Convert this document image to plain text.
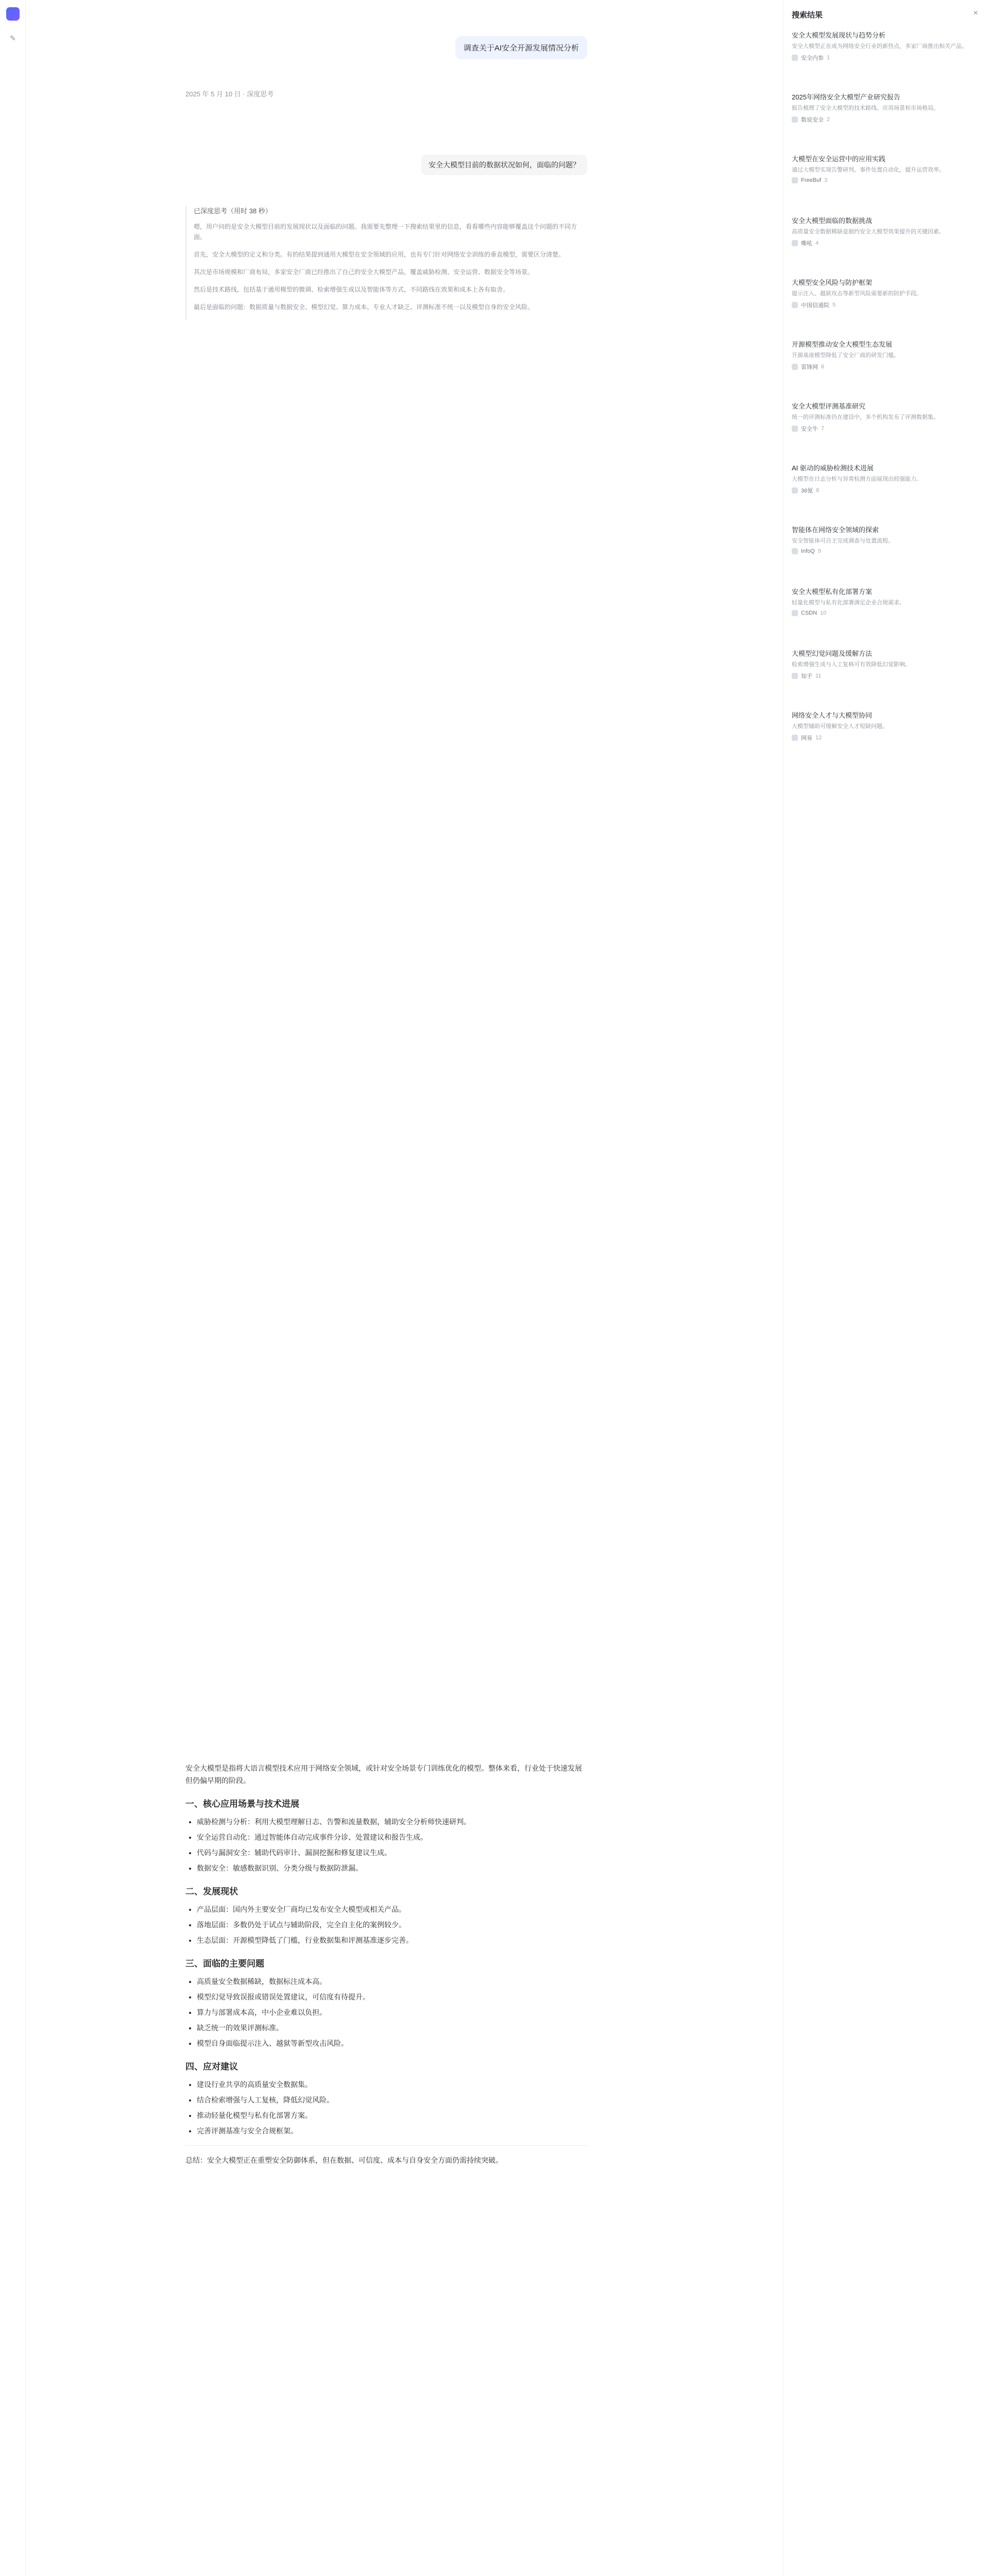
✎
调查关于AI安全开源发展情况分析
2025 年 5 月 10 日 · 深度思考
安全大模型目前的数据状况如何，面临的问题？
已深度思考（用时 38 秒）

嗯，用户问的是安全大模型目前的发展现状以及面临的问题。我需要先整理一下搜索结果里的信息，看看哪些内容能够覆盖这个问题的不同方面。

首先，安全大模型的定义和分类。有的结果提到通用大模型在安全领域的应用，也有专门针对网络安全训练的垂直模型，需要区分清楚。

其次是市场规模和厂商布局，多家安全厂商已经推出了自己的安全大模型产品，覆盖威胁检测、安全运营、数据安全等场景。

然后是技术路线，包括基于通用模型的微调、检索增强生成以及智能体等方式，不同路线在效果和成本上各有取舍。

最后是面临的问题：数据质量与数据安全、模型幻觉、算力成本、专业人才缺乏、评测标准不统一以及模型自身的安全风险。

安全大模型是指将大语言模型技术应用于网络安全领域，或针对安全场景专门训练优化的模型。整体来看，行业处于快速发展但仍偏早期的阶段。

一、核心应用场景与技术进展
• 威胁检测与分析：利用大模型理解日志、告警和流量数据，辅助安全分析师快速研判。
• 安全运营自动化：通过智能体自动完成事件分诊、处置建议和报告生成。
• 代码与漏洞安全：辅助代码审计、漏洞挖掘和修复建议生成。
• 数据安全：敏感数据识别、分类分级与数据防泄漏。
二、发展现状
• 产品层面：国内外主要安全厂商均已发布安全大模型或相关产品。
• 落地层面：多数仍处于试点与辅助阶段，完全自主化的案例较少。
• 生态层面：开源模型降低了门槛，行业数据集和评测基准逐步完善。
三、面临的主要问题
• 高质量安全数据稀缺，数据标注成本高。
• 模型幻觉导致误报或错误处置建议，可信度有待提升。
• 算力与部署成本高，中小企业难以负担。
• 缺乏统一的效果评测标准。
• 模型自身面临提示注入、越狱等新型攻击风险。
四、应对建议
• 建设行业共享的高质量安全数据集。
• 结合检索增强与人工复核，降低幻觉风险。
• 推动轻量化模型与私有化部署方案。
• 完善评测基准与安全合规框架。

总结：安全大模型正在重塑安全防御体系，但在数据、可信度、成本与自身安全方面仍需持续突破。

搜索结果	×
安全大模型发展现状与趋势分析
安全大模型正在成为网络安全行业的新热点，多家厂商推出相关产品。
安全内参 1
2025年网络安全大模型产业研究报告
报告梳理了安全大模型的技术路线、应用场景和市场格局。
数说安全 2
大模型在安全运营中的应用实践
通过大模型实现告警研判、事件处置自动化，提升运营效率。
FreeBuf 3
安全大模型面临的数据挑战
高质量安全数据稀缺是制约安全大模型效果提升的关键因素。
嘶吼 4
大模型安全风险与防护框架
提示注入、越狱攻击等新型风险需要新的防护手段。
中国信通院 5
开源模型推动安全大模型生态发展
开源基座模型降低了安全厂商的研发门槛。
雷锋网 6
安全大模型评测基准研究
统一的评测标准仍在建设中，多个机构发布了评测数据集。
安全牛 7
AI 驱动的威胁检测技术进展
大模型在日志分析与异常检测方面展现出较强能力。
36氪 8
智能体在网络安全领域的探索
安全智能体可自主完成调查与处置流程。
InfoQ 9
安全大模型私有化部署方案
轻量化模型与私有化部署满足企业合规需求。
CSDN 10
大模型幻觉问题及缓解方法
检索增强生成与人工复核可有效降低幻觉影响。
知乎 11
网络安全人才与大模型协同
大模型辅助可缓解安全人才短缺问题。
网易 12
